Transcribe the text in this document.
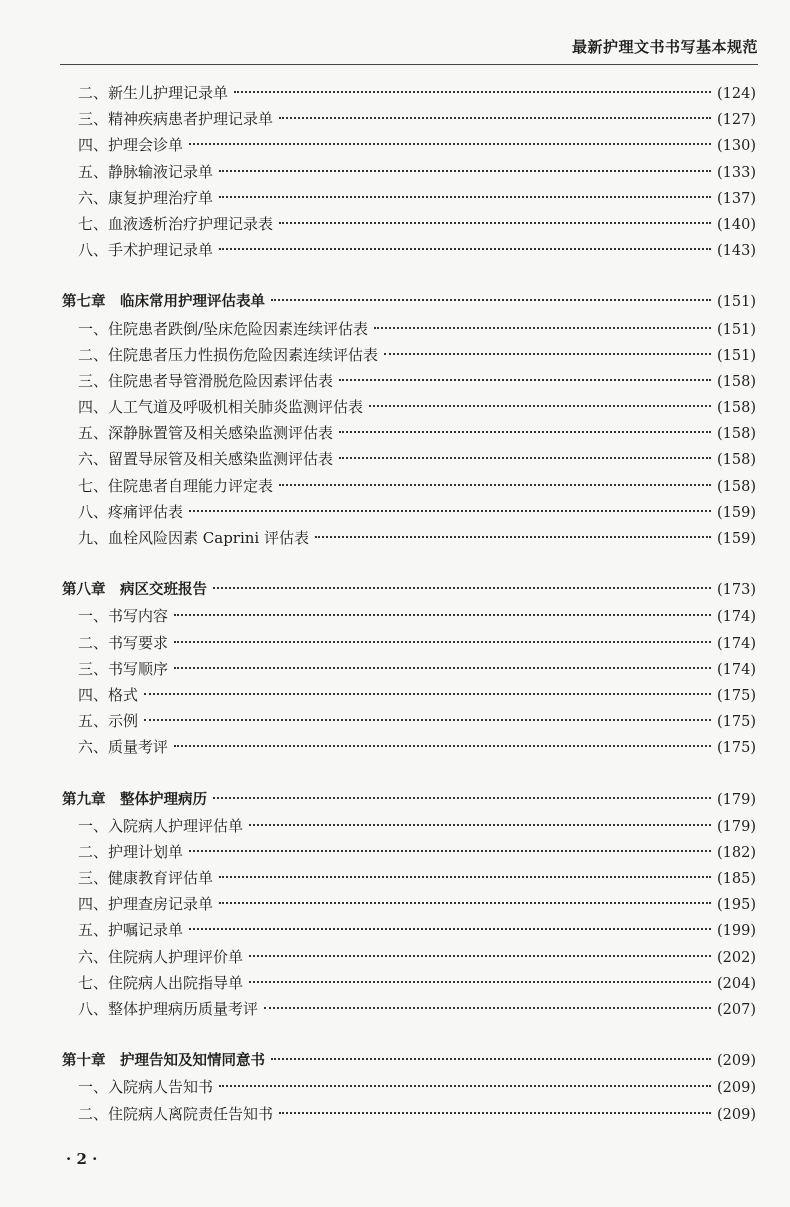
最新护理文书书写基本规范
二、新生儿护理记录单	(124)
三、精神疾病患者护理记录单	(127)
四、护理会诊单	(130)
五、静脉输液记录单	(133)
六、康复护理治疗单	(137)
七、血液透析治疗护理记录表	(140)
八、手术护理记录单	(143)
第七章　临床常用护理评估表单	(151)
一、住院患者跌倒/坠床危险因素连续评估表	(151)
二、住院患者压力性损伤危险因素连续评估表	(151)
三、住院患者导管滑脱危险因素评估表	(158)
四、人工气道及呼吸机相关肺炎监测评估表	(158)
五、深静脉置管及相关感染监测评估表	(158)
六、留置导尿管及相关感染监测评估表	(158)
七、住院患者自理能力评定表	(158)
八、疼痛评估表	(159)
九、血栓风险因素 Caprini 评估表	(159)
第八章　病区交班报告	(173)
一、书写内容	(174)
二、书写要求	(174)
三、书写顺序	(174)
四、格式	(175)
五、示例	(175)
六、质量考评	(175)
第九章　整体护理病历	(179)
一、入院病人护理评估单	(179)
二、护理计划单	(182)
三、健康教育评估单	(185)
四、护理查房记录单	(195)
五、护嘱记录单	(199)
六、住院病人护理评价单	(202)
七、住院病人出院指导单	(204)
八、整体护理病历质量考评	(207)
第十章　护理告知及知情同意书	(209)
一、入院病人告知书	(209)
二、住院病人离院责任告知书	(209)
· 2 ·
